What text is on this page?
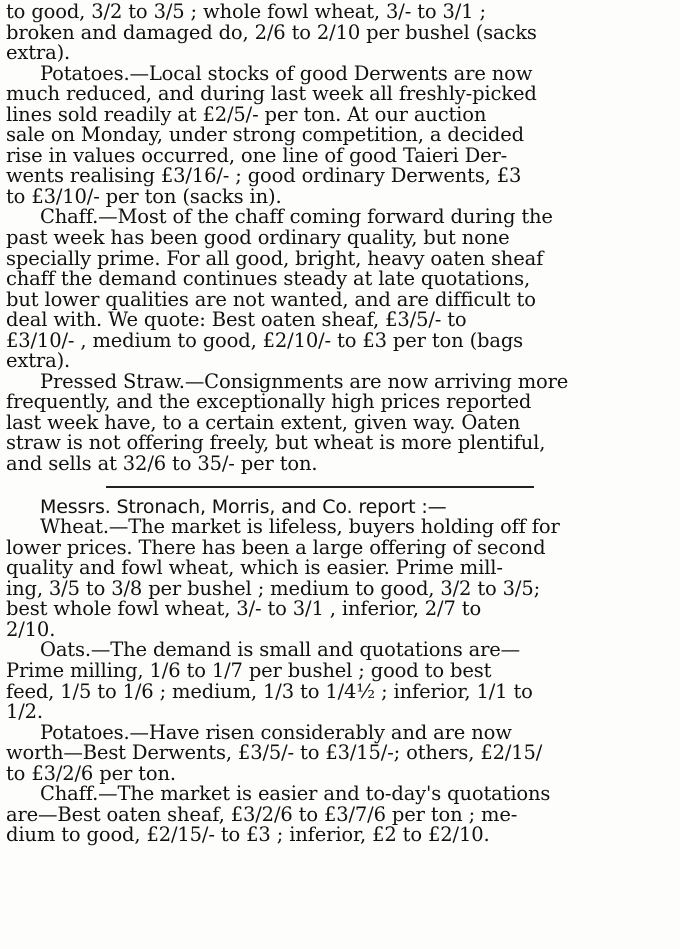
to good, 3/2 to 3/5 ; whole fowl wheat, 3/- to 3/1 ;
broken and damaged do, 2/6 to 2/10 per bushel (sacks
extra).
Potatoes.—Local stocks of good Derwents are now
much reduced, and during last week all freshly-picked
lines sold readily at £2/5/- per ton. At our auction
sale on Monday, under strong competition, a decided
rise in values occurred, one line of good Taieri Der-
wents realising £3/16/- ; good ordinary Derwents, £3
to £3/10/- per ton (sacks in).
Chaff.—Most of the chaff coming forward during the
past week has been good ordinary quality, but none
specially prime. For all good, bright, heavy oaten sheaf
chaff the demand continues steady at late quotations,
but lower qualities are not wanted, and are difficult to
deal with. We quote: Best oaten sheaf, £3/5/- to
£3/10/- , medium to good, £2/10/- to £3 per ton (bags
extra).
Pressed Straw.—Consignments are now arriving more
frequently, and the exceptionally high prices reported
last week have, to a certain extent, given way. Oaten
straw is not offering freely, but wheat is more plentiful,
and sells at 32/6 to 35/- per ton.
Messrs. Stronach, Morris, and Co. report :—
Wheat.—The market is lifeless, buyers holding off for
lower prices. There has been a large offering of second
quality and fowl wheat, which is easier. Prime mill-
ing, 3/5 to 3/8 per bushel ; medium to good, 3/2 to 3/5;
best whole fowl wheat, 3/- to 3/1 , inferior, 2/7 to
2/10.
Oats.—The demand is small and quotations are—
Prime milling, 1/6 to 1/7 per bushel ; good to best
feed, 1/5 to 1/6 ; medium, 1/3 to 1/4½ ; inferior, 1/1 to
1/2.
Potatoes.—Have risen considerably and are now
worth—Best Derwents, £3/5/- to £3/15/-; others, £2/15/
to £3/2/6 per ton.
Chaff.—The market is easier and to-day's quotations
are—Best oaten sheaf, £3/2/6 to £3/7/6 per ton ; me-
dium to good, £2/15/- to £3 ; inferior, £2 to £2/10.
